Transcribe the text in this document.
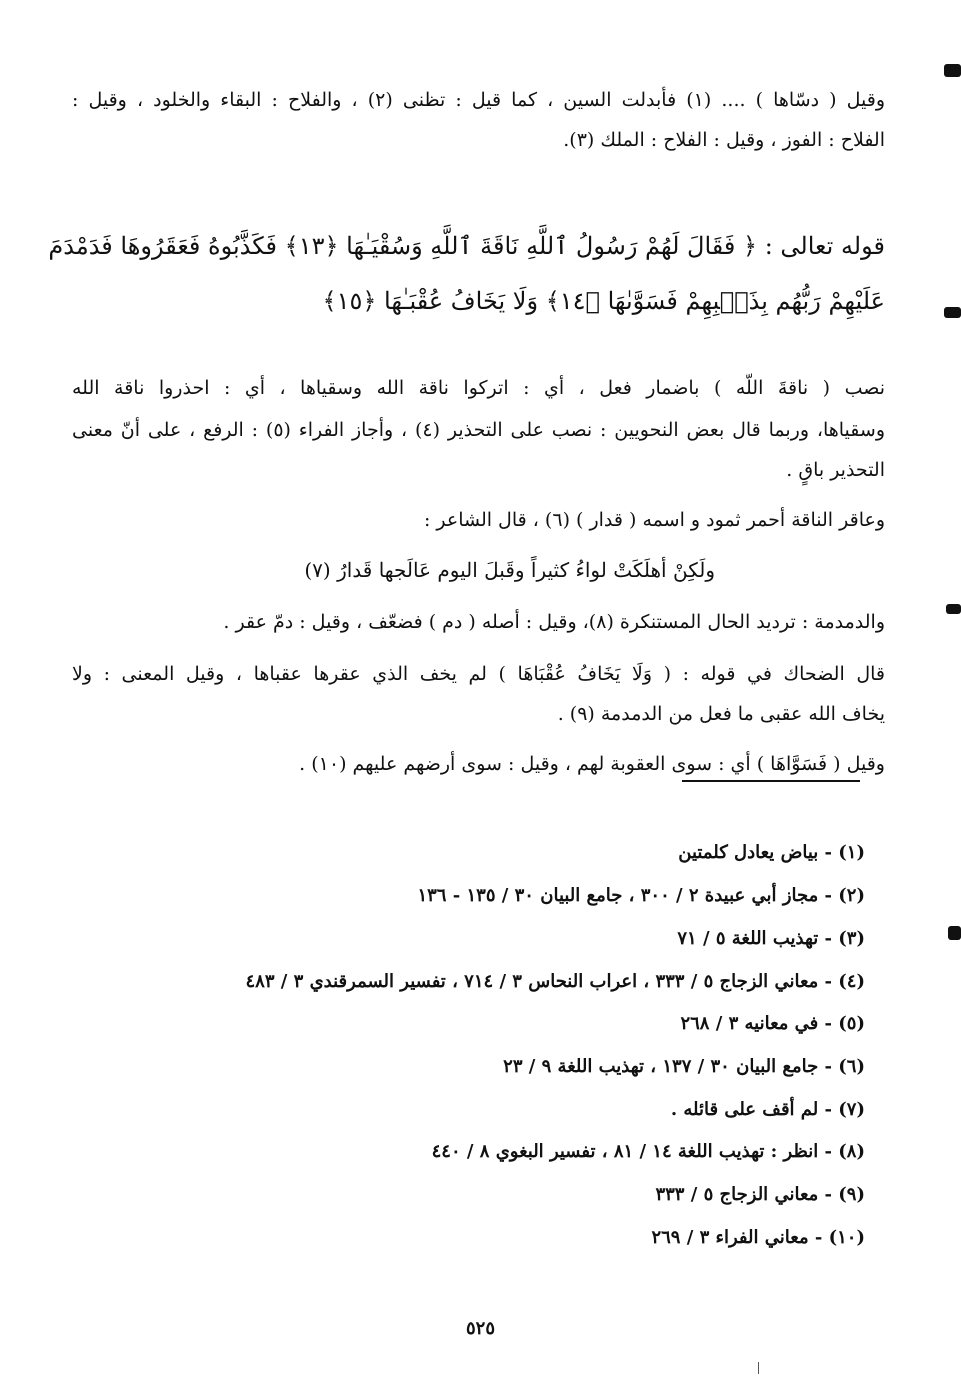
وقيل ( دسّاها ) .... (١) فأبدلت السين ، كما قيل : تظنى (٢) ، والفلاح : البقاء والخلود ، وقيل :
الفلاح : الفوز ، وقيل : الفلاح : الملك (٣).
قوله تعالى : ﴿ فَقَالَ لَهُمْ رَسُولُ ٱللَّهِ نَاقَةَ ٱللَّهِ وَسُقْيَـٰهَا ﴿١٣﴾ فَكَذَّبُوهُ فَعَقَرُوهَا فَدَمْدَمَ
عَلَيْهِمْ رَبُّهُم بِذَنۢبِهِمْ فَسَوَّىٰهَا ﴿١٤﴾ وَلَا يَخَافُ عُقْبَـٰهَا ﴿١٥﴾
نصب ( ناقةَ اللّه ) باضمار فعل ، أي : اتركوا ناقة الله وسقياها ، أي : احذروا ناقة الله
وسقياها، وربما قال بعض النحويين : نصب على التحذير (٤) ، وأجاز الفراء (٥) : الرفع ، على أنّ معنى
التحذير باقٍ .
وعاقر الناقة أحمر ثمود و اسمه ( قدار ) (٦) ، قال الشاعر :
ولَكِنْ أهلَكَتْ لواءُ كثيراً وقَبلَ اليوم عَالَجها قَدارُ (٧)
والدمدمة : ترديد الحال المستنكرة (٨)، وقيل : أصله ( دم ) فضعّف ، وقيل : دمّ عقر .
قال الضحاك في قوله : ( وَلَا يَخَافُ عُقْبَاهَا ) لم يخف الذي عقرها عقباها ، وقيل المعنى : ولا
يخاف الله عقبى ما فعل من الدمدمة (٩) .
وقيل ( فَسَوَّاهَا ) أي : سوى العقوبة لهم ، وقيل : سوى أرضهم عليهم (١٠) .
(١) - بياض يعادل كلمتين
(٢) - مجاز أبي عبيدة ٢ / ٣٠٠ ، جامع البيان ٣٠ / ١٣٥ - ١٣٦
(٣) - تهذيب اللغة ٥ / ٧١
(٤) - معاني الزجاج ٥ / ٣٣٣ ، اعراب النحاس ٣ / ٧١٤ ، تفسير السمرقندي ٣ / ٤٨٣
(٥) - في معانيه ٣ / ٢٦٨
(٦) - جامع البيان ٣٠ / ١٣٧ ، تهذيب اللغة ٩ / ٢٣
(٧) - لم أقف على قائله .
(٨) - انظر : تهذيب اللغة ١٤ / ٨١ ، تفسير البغوي ٨ / ٤٤٠
(٩) - معاني الزجاج ٥ / ٣٣٣
(١٠) - معاني الفراء ٣ / ٢٦٩
٥٢٥
